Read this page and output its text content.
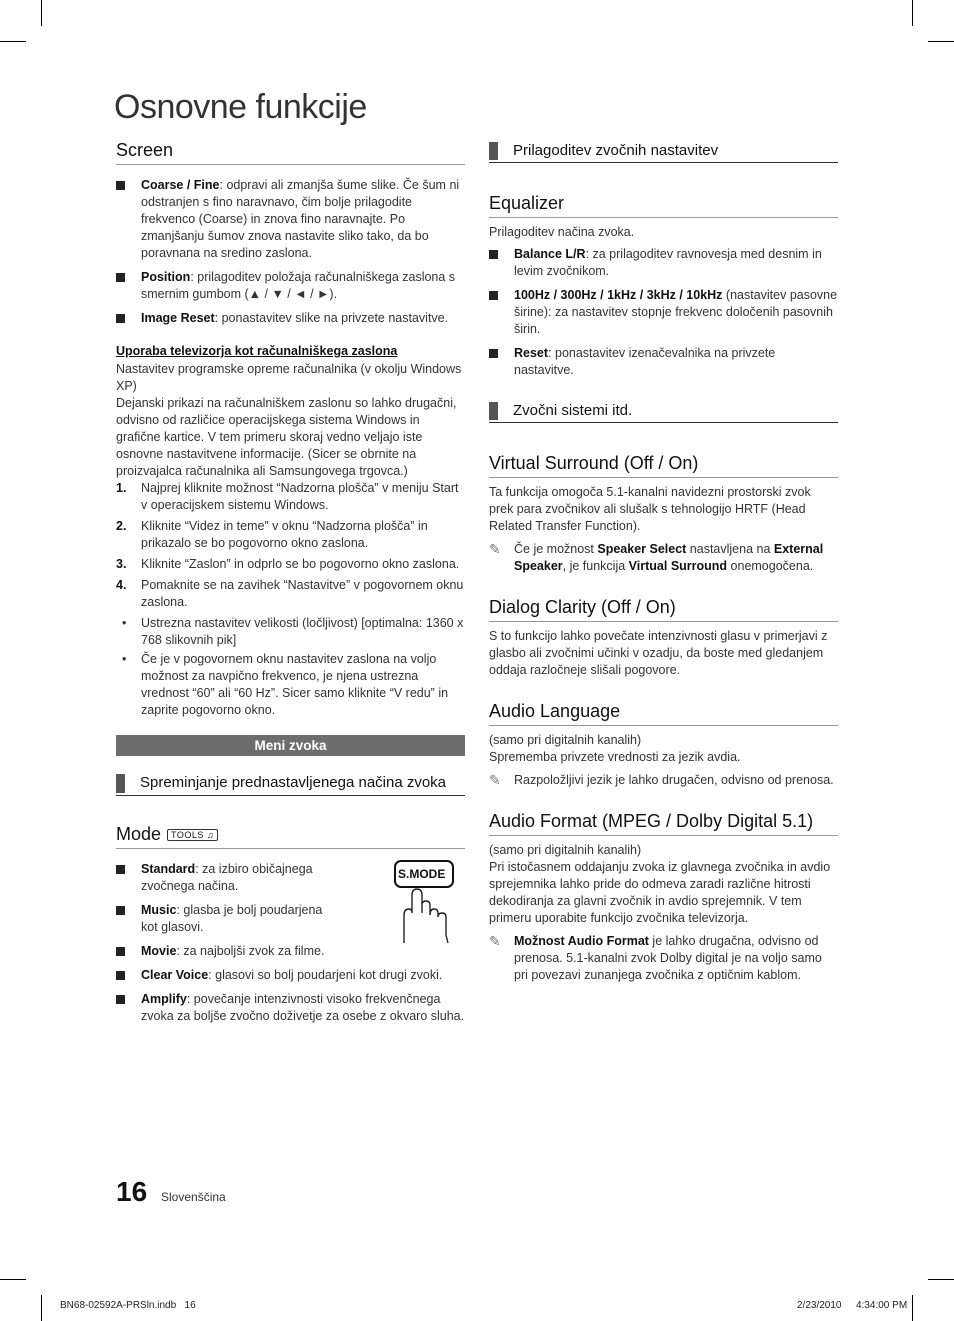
Osnovne funkcije
Screen
Coarse / Fine: odpravi ali zmanjša šume slike. Če šum ni odstranjen s fino naravnavo, čim bolje prilagodite frekvenco (Coarse) in znova fino naravnajte. Po zmanjšanju šumov znova nastavite sliko tako, da bo poravnana na sredino zaslona.
Position: prilagoditev položaja računalniškega zaslona s smernim gumbom (▲ / ▼ / ◄ / ►).
Image Reset: ponastavitev slike na privzete nastavitve.

Uporaba televizorja kot računalniškega zaslona

Nastavitev programske opreme računalnika (v okolju Windows XP)

Dejanski prikazi na računalniškem zaslonu so lahko drugačni, odvisno od različice operacijskega sistema Windows in grafične kartice. V tem primeru skoraj vedno veljajo iste osnovne nastavitvene informacije. (Sicer se obrnite na proizvajalca računalnika ali Samsungovega trgovca.)

1. Najprej kliknite možnost “Nadzorna plošča” v meniju Start v operacijskem sistemu Windows.
2. Kliknite “Videz in teme” v oknu “Nadzorna plošča” in prikazalo se bo pogovorno okno zaslona.
3. Kliknite “Zaslon” in odprlo se bo pogovorno okno zaslona.
4. Pomaknite se na zavihek “Nastavitve” v pogovornem oknu zaslona.
• Ustrezna nastavitev velikosti (ločljivost) [optimalna: 1360 x 768 slikovnih pik]
• Če je v pogovornem oknu nastavitev zaslona na voljo možnost za navpično frekvenco, je njena ustrezna vrednost “60” ali “60 Hz”. Sicer samo kliknite “V redu” in zaprite pogovorno okno.
Meni zvoka
Spreminjanje prednastavljenega načina zvoka
Mode TOOLS ♫
S.MODE
Standard: za izbiro običajnega zvočnega načina.
Music: glasba je bolj poudarjena kot glasovi.
Movie: za najboljši zvok za filme.
Clear Voice: glasovi so bolj poudarjeni kot drugi zvoki.
Amplify: povečanje intenzivnosti visoko frekvenčnega zvoka za boljše zvočno doživetje za osebe z okvaro sluha.
Prilagoditev zvočnih nastavitev
Equalizer

Prilagoditev načina zvoka.

Balance L/R: za prilagoditev ravnovesja med desnim in levim zvočnikom.
100Hz / 300Hz / 1kHz / 3kHz / 10kHz (nastavitev pasovne širine): za nastavitev stopnje frekvenc določenih pasovnih širin.
Reset: ponastavitev izenačevalnika na privzete nastavitve.
Zvočni sistemi itd.
Virtual Surround (Off / On)

Ta funkcija omogoča 5.1-kanalni navidezni prostorski zvok prek para zvočnikov ali slušalk s tehnologijo HRTF (Head Related Transfer Function).

✎ Če je možnost Speaker Select nastavljena na External Speaker, je funkcija Virtual Surround onemogočena.
Dialog Clarity (Off / On)

S to funkcijo lahko povečate intenzivnosti glasu v primerjavi z glasbo ali zvočnimi učinki v ozadju, da boste med gledanjem oddaja razločneje slišali pogovore.

Audio Language

(samo pri digitalnih kanalih)

Sprememba privzete vrednosti za jezik avdia.

✎ Razpoložljivi jezik je lahko drugačen, odvisno od prenosa.
Audio Format (MPEG / Dolby Digital 5.1)

(samo pri digitalnih kanalih)

Pri istočasnem oddajanju zvoka iz glavnega zvočnika in avdio sprejemnika lahko pride do odmeva zaradi različne hitrosti dekodiranja za glavni zvočnik in avdio sprejemnik. V tem primeru uporabite funkcijo zvočnika televizorja.

✎ Možnost Audio Format je lahko drugačna, odvisno od prenosa. 5.1-kanalni zvok Dolby digital je na voljo samo pri povezavi zunanjega zvočnika z optičnim kablom.
16 Slovenščina
BN68-02592A-PRSln.indb   16	2/23/2010 4:34:00 PM
